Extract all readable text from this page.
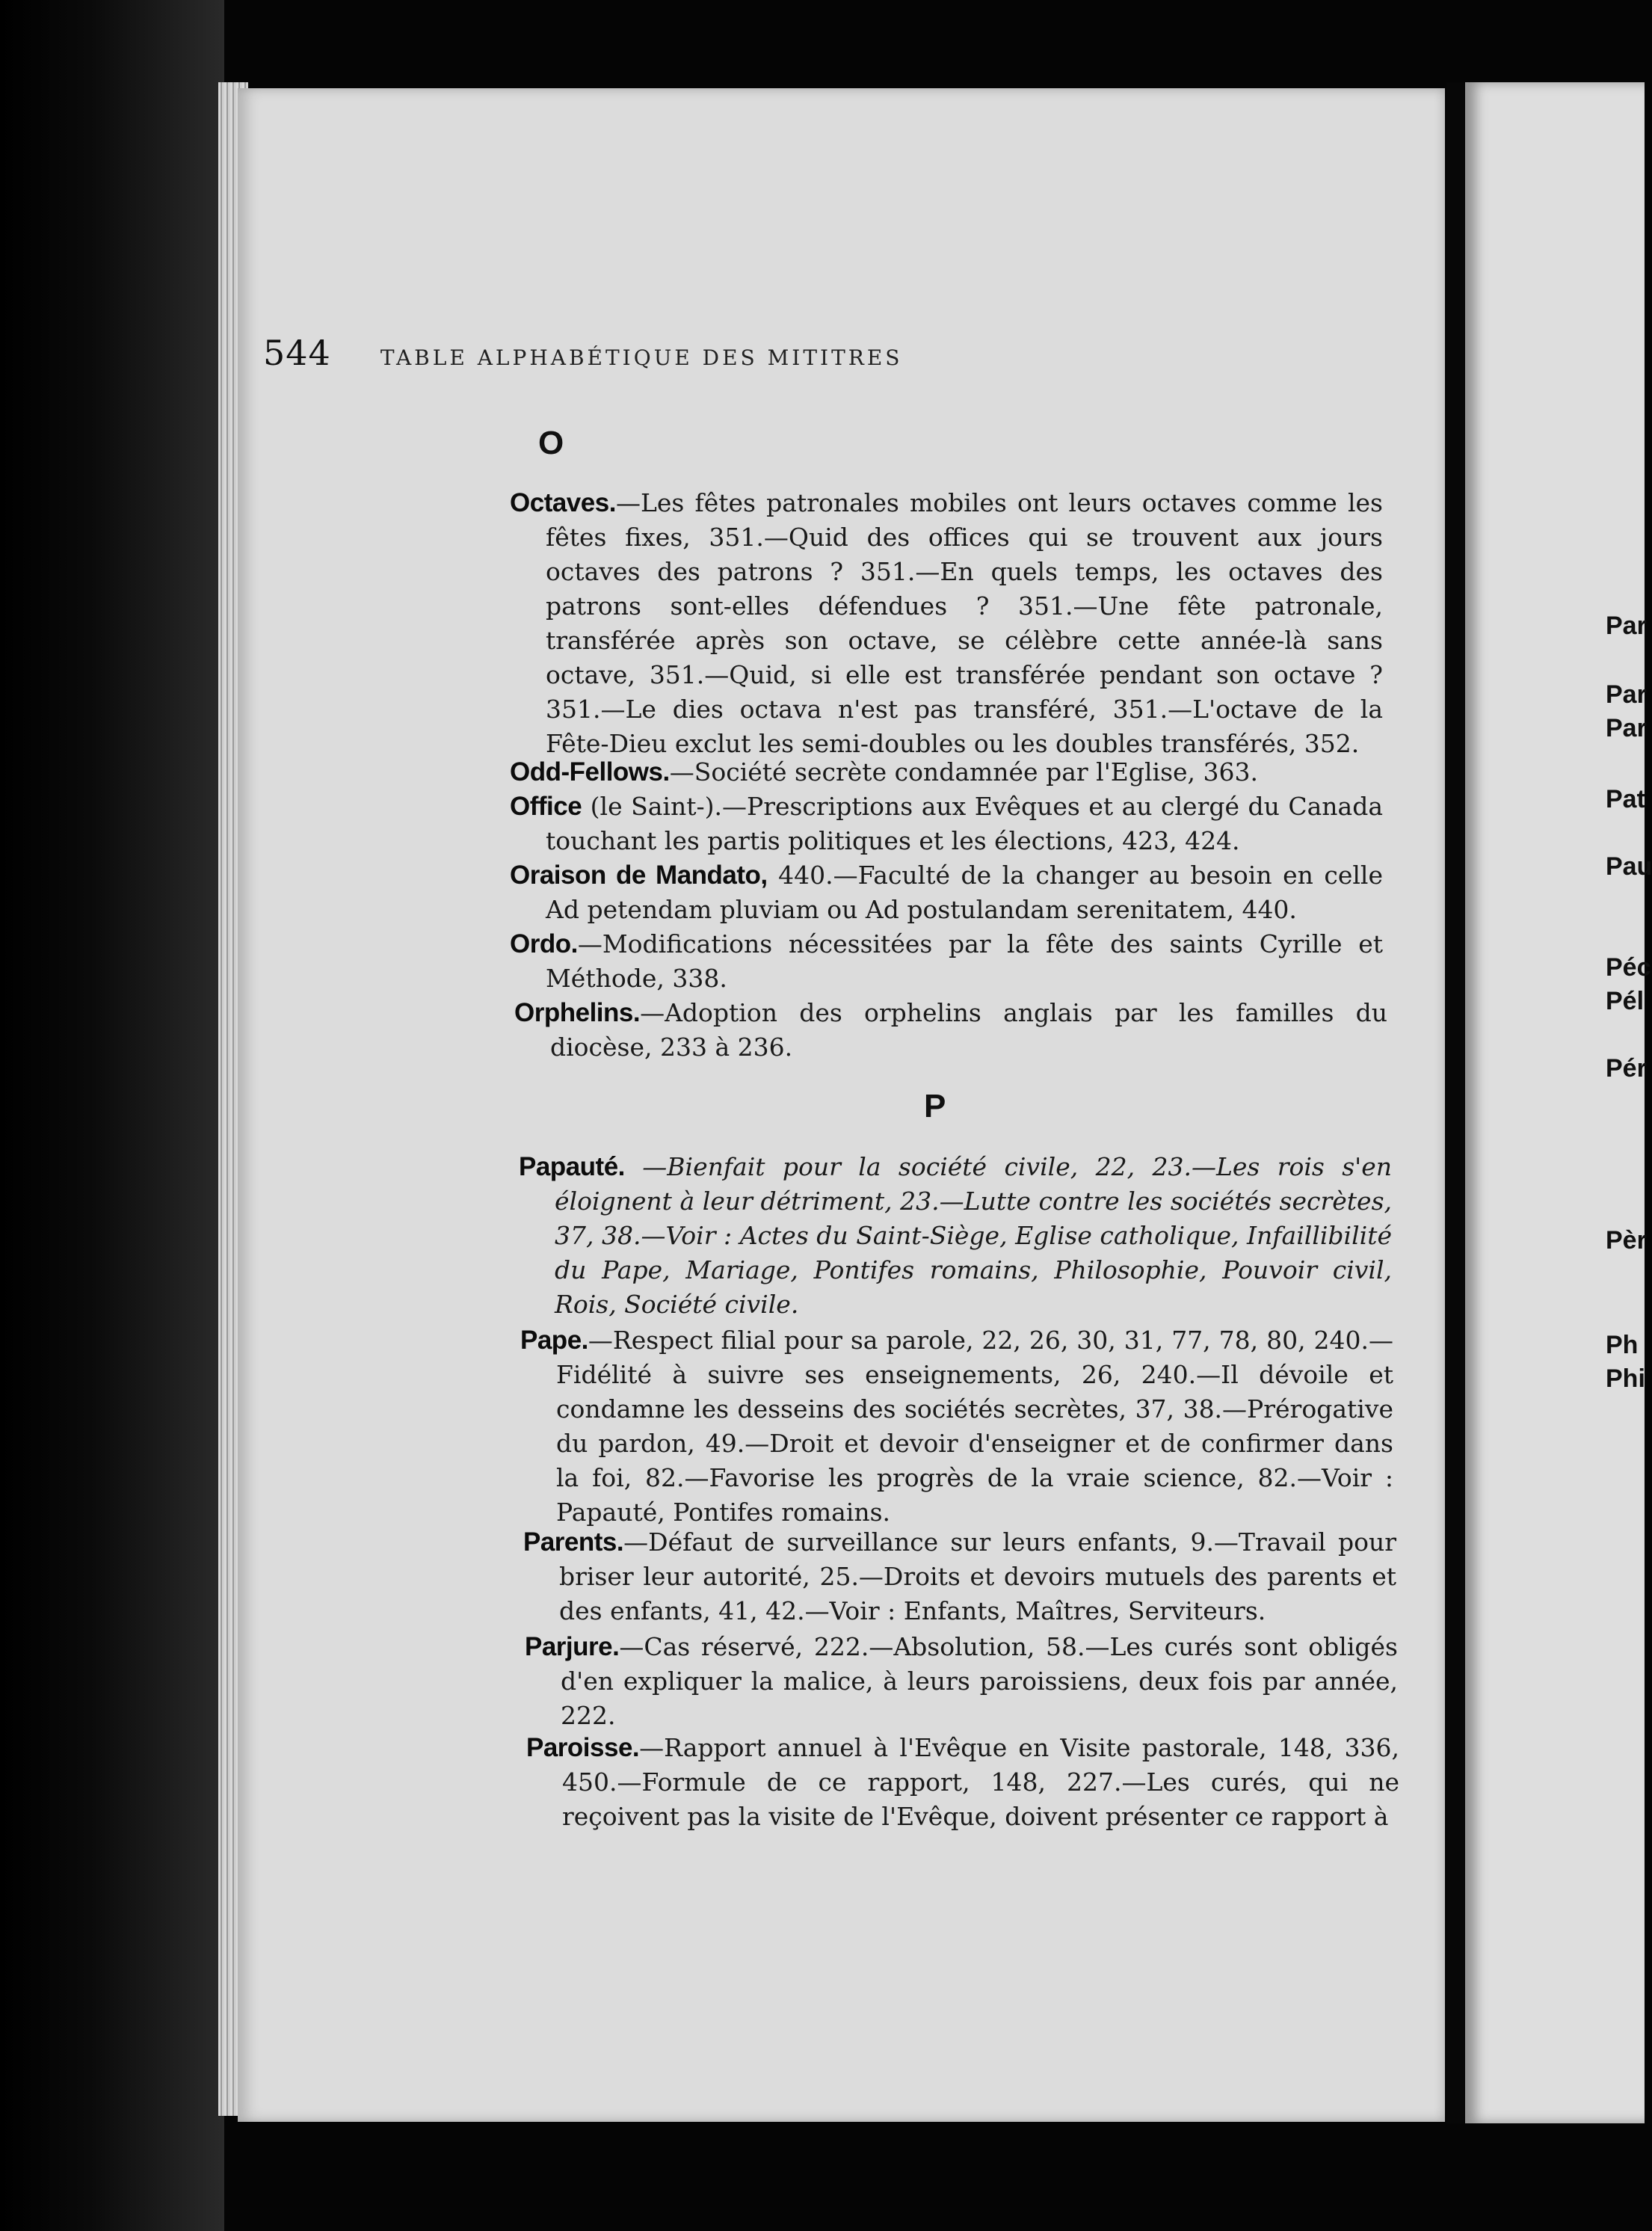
Par
Par
Par
Pat
Pau
Péc
Pél
Pér
Pèr
Ph
Phi
544 TABLE ALPHABÉTIQUE DES MITITRES
Octaves.—Les fêtes patronales mobiles ont leurs octaves comme les fêtes fixes, 351.—Quid des offices qui se trouvent aux jours octaves des patrons ? 351.—En quels temps, les octaves des patrons sont-elles défendues ? 351.—Une fête patronale, transférée après son octave, se célèbre cette année-là sans octave, 351.—Quid, si elle est transférée pendant son octave ? 351.—Le dies octava n'est pas transféré, 351.—L'octave de la Fête-Dieu exclut les semi-doubles ou les doubles transférés, 352.
Odd-Fellows.—Société secrète condamnée par l'Eglise, 363.
Office (le Saint-).—Prescriptions aux Evêques et au clergé du Canada touchant les partis politiques et les élections, 423, 424.
Oraison de Mandato, 440.—Faculté de la changer au besoin en celle Ad petendam pluviam ou Ad postulandam serenitatem, 440.
Ordo.—Modifications nécessitées par la fête des saints Cyrille et Méthode, 338.
Orphelins.—Adoption des orphelins anglais par les familles du diocèse, 233 à 236.
Papauté. —Bienfait pour la société civile, 22, 23.—Les rois s'en éloignent à leur détriment, 23.—Lutte contre les sociétés secrètes, 37, 38.—Voir : Actes du Saint-Siège, Eglise catholique, Infaillibilité du Pape, Mariage, Pontifes romains, Philosophie, Pouvoir civil, Rois, Société civile.
Pape.—Respect filial pour sa parole, 22, 26, 30, 31, 77, 78, 80, 240.—Fidélité à suivre ses enseignements, 26, 240.—Il dévoile et condamne les desseins des sociétés secrètes, 37, 38.—Prérogative du pardon, 49.—Droit et devoir d'enseigner et de confirmer dans la foi, 82.—Favorise les progrès de la vraie science, 82.—Voir : Papauté, Pontifes romains.
Parents.—Défaut de surveillance sur leurs enfants, 9.—Travail pour briser leur autorité, 25.—Droits et devoirs mutuels des parents et des enfants, 41, 42.—Voir : Enfants, Maîtres, Serviteurs.
Parjure.—Cas réservé, 222.—Absolution, 58.—Les curés sont obligés d'en expliquer la malice, à leurs paroissiens, deux fois par année, 222.
Paroisse.—Rapport annuel à l'Evêque en Visite pastorale, 148, 336, 450.—Formule de ce rapport, 148, 227.—Les curés, qui ne reçoivent pas la visite de l'Evêque, doivent présenter ce rapport à
